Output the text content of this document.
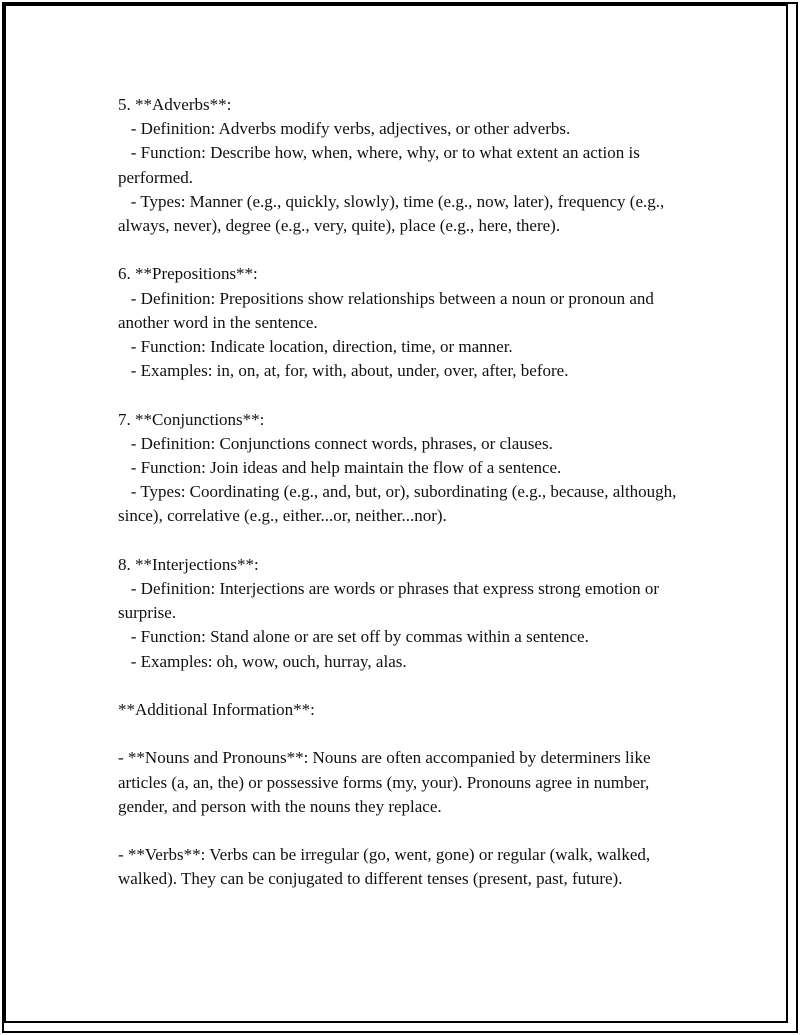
5. **Adverbs**:
- Definition: Adverbs modify verbs, adjectives, or other adverbs.
- Function: Describe how, when, where, why, or to what extent an action is performed.
- Types: Manner (e.g., quickly, slowly), time (e.g., now, later), frequency (e.g., always, never), degree (e.g., very, quite), place (e.g., here, there).

6. **Prepositions**:
- Definition: Prepositions show relationships between a noun or pronoun and another word in the sentence.
- Function: Indicate location, direction, time, or manner.
- Examples: in, on, at, for, with, about, under, over, after, before.

7. **Conjunctions**:
- Definition: Conjunctions connect words, phrases, or clauses.
- Function: Join ideas and help maintain the flow of a sentence.
- Types: Coordinating (e.g., and, but, or), subordinating (e.g., because, although, since), correlative (e.g., either...or, neither...nor).

8. **Interjections**:
- Definition: Interjections are words or phrases that express strong emotion or surprise.
- Function: Stand alone or are set off by commas within a sentence.
- Examples: oh, wow, ouch, hurray, alas.

**Additional Information**:

- **Nouns and Pronouns**: Nouns are often accompanied by determiners like articles (a, an, the) or possessive forms (my, your). Pronouns agree in number, gender, and person with the nouns they replace.

- **Verbs**: Verbs can be irregular (go, went, gone) or regular (walk, walked, walked). They can be conjugated to different tenses (present, past, future).
